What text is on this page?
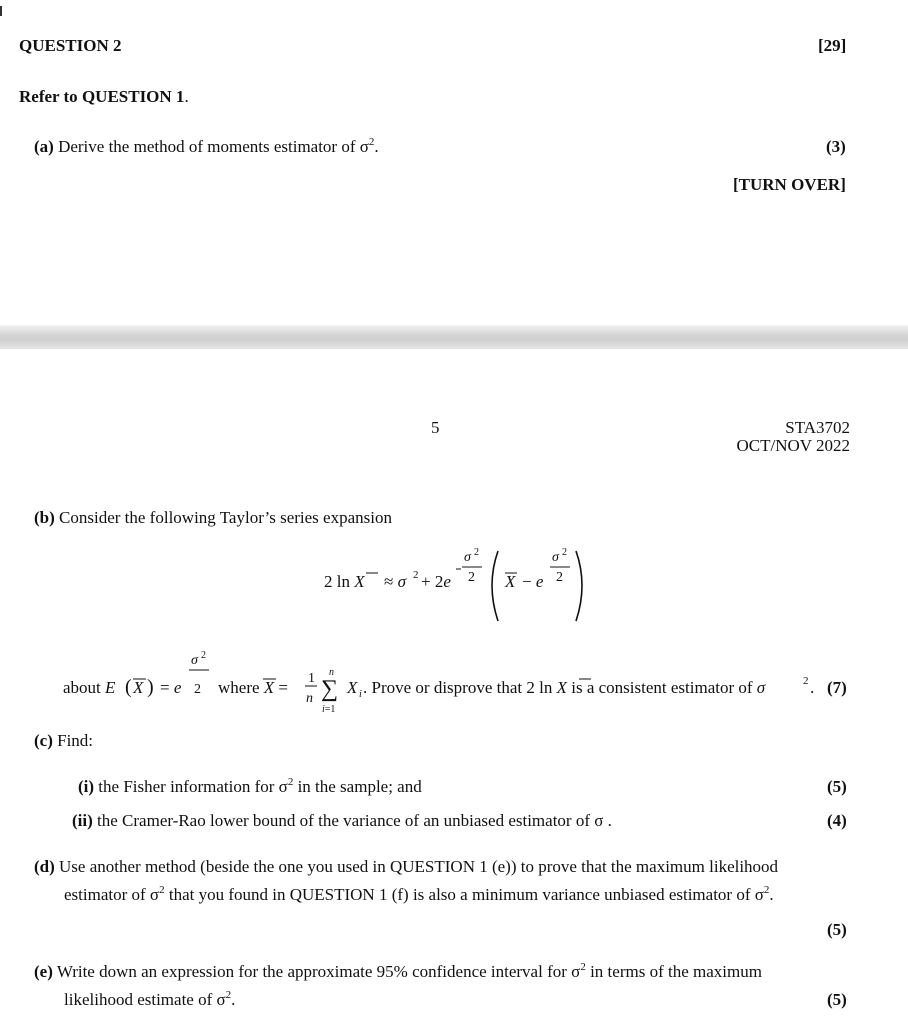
QUESTION 2	[29]
Refer to QUESTION 1.
(a) Derive the method of moments estimator of $\sigma^2$.	(3)
[TURN OVER]
5	STA3702
OCT/NOV 2022
(b) Consider the following Taylor’s series expansion
2 ln X ≈ σ 2 + 2e
σ 2
2 X − e
σ 2
2
about E ( X ) = e
σ 2
2 where X = 1
n
n
∑
i=1
X i . Prove or disprove that 2 ln X is a consistent estimator of σ	2 . (7)
(c) Find:
(i) the Fisher information for $\sigma^2$ in the sample; and	(5)
(ii) the Cramer-Rao lower bound of the variance of an unbiased estimator of σ .	(4)
(d) Use another method (beside the one you used in QUESTION 1 (e)) to prove that the maximum likelihood
estimator of $\sigma^2$ that you found in QUESTION 1 (f) is also a minimum variance unbiased estimator of $\sigma^2$.
(5)
(e) Write down an expression for the approximate 95% confidence interval for $\sigma^2$ in terms of the maximum
likelihood estimate of $\sigma^2$.	(5)
